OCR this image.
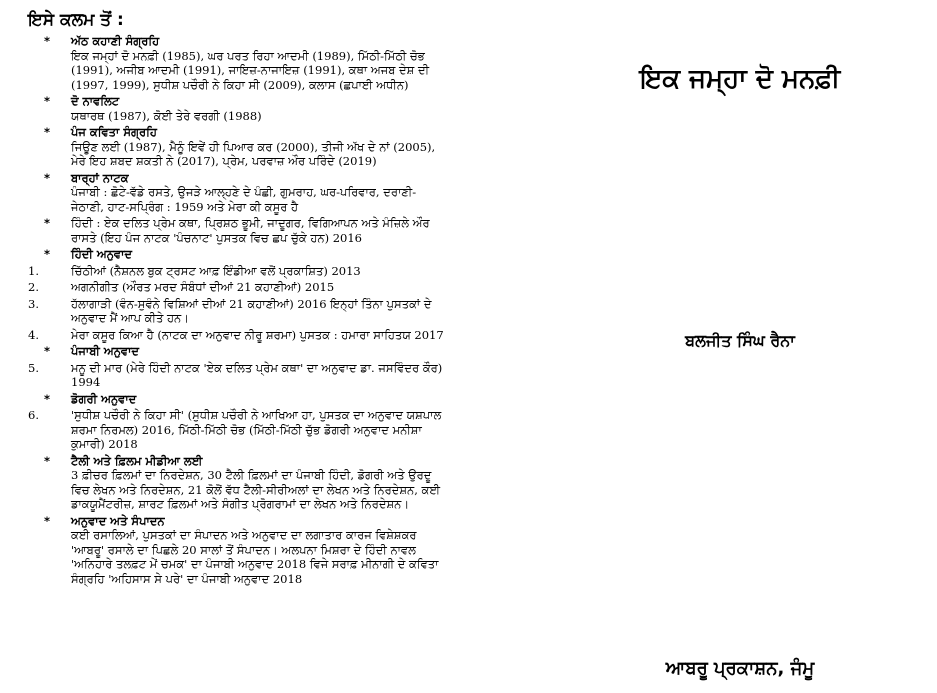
ਇਸੇ ਕਲਮ ਤੋਂ :
*	ਅੱਠ ਕਹਾਣੀ ਸੰਗ੍ਰਹਿ
ਇਕ ਜਮ੍ਹਾਂ ਦੋ ਮਨਫ਼ੀ (1985), ਘਰ ਪਰਤ ਰਿਹਾ ਆਦਮੀ (1989), ਮਿੱਠੀ-ਮਿੱਠੀ ਚੋਭ (1991), ਅਜੀਬ ਆਦਮੀ (1991), ਜਾਇਜ਼-ਨਾਜਾਇਜ਼ (1991), ਕਥਾ ਅਜਬ ਦੇਸ਼ ਦੀ (1997, 1999), ਸੁਧੀਸ਼ ਪਚੌਰੀ ਨੇ ਕਿਹਾ ਸੀ (2009), ਕਲਾਸ (ਛਪਾਈ ਅਧੀਨ)
*	ਦੋ ਨਾਵਲਿਟ
ਯਥਾਰਥ (1987), ਕੋਈ ਤੇਰੇ ਵਰਗੀ (1988)
*	ਪੰਜ ਕਵਿਤਾ ਸੰਗ੍ਰਹਿ
ਜਿਊਣ ਲਈ (1987), ਮੈਨੂੰ ਇਵੇਂ ਹੀ ਪਿਆਰ ਕਰ (2000), ਤੀਜੀ ਅੱਖ ਦੇ ਨਾਂ (2005), ਮੇਰੇ ਇਹ ਸ਼ਬਦ ਸ਼ਕਤੀ ਨੇ (2017), ਪ੍ਰੇਮ, ਪਰਵਾਜ਼ ਔਰ ਪਰਿੰਦੇ (2019)
*	ਬਾਰ੍ਹਾਂ ਨਾਟਕ
ਪੰਜਾਬੀ : ਛੋਟੇ-ਵੱਡੇ ਰਸਤੇ, ਉਜੜੇ ਆਲ੍ਹਣੇ ਦੇ ਪੰਛੀ, ਗੁਮਰਾਹ, ਘਰ-ਪਰਿਵਾਰ, ਦਰਾਣੀ-ਜੇਠਾਣੀ, ਹਾਟ-ਸਪ੍ਰਿੰਗ : 1959 ਅਤੇ ਮੇਰਾ ਕੀ ਕਸੂਰ ਹੈ
*	ਹਿੰਦੀ : ਏਕ ਦਲਿਤ ਪ੍ਰੇਮ ਕਥਾ, ਪ੍ਰਿਸ਼ਠ ਭੂਮੀ, ਜਾਦੂਗਰ, ਵਿਗਿਆਪਨ ਅਤੇ ਮੰਜ਼ਿਲੇ ਔਰ ਰਾਸਤੇ (ਇਹ ਪੰਜ ਨਾਟਕ 'ਪੰਚਨਾਟ' ਪੁਸਤਕ ਵਿਚ ਛਪ ਚੁੱਕੇ ਹਨ) 2016
*	ਹਿੰਦੀ ਅਨੁਵਾਦ
1.	ਚਿੱਠੀਆਂ (ਨੈਸ਼ਨਲ ਬੁਕ ਟ੍ਰਸਟ ਆਫ਼ ਇੰਡੀਆ ਵਲੋਂ ਪ੍ਰਕਾਸ਼ਿਤ) 2013
2.	ਅਗਨੀਗੀਤ (ਔਰਤ ਮਰਦ ਸੰਬੰਧਾਂ ਦੀਆਂ 21 ਕਹਾਣੀਆਂ) 2015
3.	ਹੱਲਾਗਾੜੀ (ਵੰਨ-ਸੁਵੰਨੇ ਵਿਸ਼ਿਆਂ ਦੀਆਂ 21 ਕਹਾਣੀਆਂ) 2016 ਇਨ੍ਹਾਂ ਤਿੰਨਾ ਪੁਸਤਕਾਂ ਦੇ ਅਨੁਵਾਦ ਮੈਂ ਆਪ ਕੀਤੇ ਹਨ।
4.	ਮੇਰਾ ਕਸੂਰ ਕਿਆ ਹੈ (ਨਾਟਕ ਦਾ ਅਨੁਵਾਦ ਨੀਰੂ ਸ਼ਰਮਾ) ਪੁਸਤਕ : ਹਮਾਰਾ ਸਾਹਿਤਯ 2017
*	ਪੰਜਾਬੀ ਅਨੁਵਾਦ
5.	ਮਨੂ ਦੀ ਮਾਰ (ਮੇਰੇ ਹਿੰਦੀ ਨਾਟਕ 'ਏਕ ਦਲਿਤ ਪ੍ਰੇਮ ਕਥਾ' ਦਾ ਅਨੁਵਾਦ ਡਾ. ਜਸਵਿੰਦਰ ਕੌਰ) 1994
*	ਡੋਗਰੀ ਅਨੁਵਾਦ
6.	'ਸੁਧੀਸ਼ ਪਚੌਰੀ ਨੇ ਕਿਹਾ ਸੀ' (ਸੁਧੀਸ਼ ਪਚੌਰੀ ਨੇ ਆਖਿਆ ਹਾ, ਪੁਸਤਕ ਦਾ ਅਨੁਵਾਦ ਯਸ਼ਪਾਲ ਸ਼ਰਮਾ ਨਿਰਮਲ) 2016, ਮਿੱਠੀ-ਮਿੱਠੀ ਚੋਭ (ਮਿੱਠੀ-ਮਿੱਠੀ ਚੁੱਭ ਡੋਗਰੀ ਅਨੁਵਾਦ ਮਨੀਸ਼ਾ ਕੁਮਾਰੀ) 2018
*	ਟੈਲੀ ਅਤੇ ਫ਼ਿਲਮ ਮੀਡੀਆ ਲਈ
3 ਫ਼ੀਚਰ ਫ਼ਿਲਮਾਂ ਦਾ ਨਿਰਦੇਸ਼ਨ, 30 ਟੈਲੀ ਫ਼ਿਲਮਾਂ ਦਾ ਪੰਜਾਬੀ ਹਿੰਦੀ, ਡੋਗਰੀ ਅਤੇ ਉਰਦੂ ਵਿਚ ਲੇਖਨ ਅਤੇ ਨਿਰਦੇਸ਼ਨ, 21 ਕੋਲੋਂ ਵੱਧ ਟੈਲੀ-ਸੀਰੀਅਲਾਂ ਦਾ ਲੇਖਨ ਅਤੇ ਨਿਰਦੇਸ਼ਨ, ਕਈ ਡਾਕਯੂਮੈਂਟਰੀਜ਼, ਸ਼ਾਰਟ ਫ਼ਿਲਮਾਂ ਅਤੇ ਸੰਗੀਤ ਪ੍ਰੋਗਰਾਮਾਂ ਦਾ ਲੇਖਨ ਅਤੇ ਨਿਰਦੇਸ਼ਨ।
*	ਅਨੁਵਾਦ ਅਤੇ ਸੰਪਾਦਨ
ਕਈ ਰਸਾਲਿਆਂ, ਪੁਸਤਕਾਂ ਦਾ ਸੰਪਾਦਨ ਅਤੇ ਅਨੁਵਾਦ ਦਾ ਲਗਾਤਾਰ ਕਾਰਜ ਵਿਸ਼ੇਸ਼ਕਰ 'ਆਬਰੂ' ਰਸਾਲੇ ਦਾ ਪਿਛਲੇ 20 ਸਾਲਾਂ ਤੋਂ ਸੰਪਾਦਨ। ਅਲਪਨਾ ਮਿਸ਼ਰਾ ਦੇ ਹਿੰਦੀ ਨਾਵਲ 'ਅਨਿਹਾਰੇ ਤਲਫ਼ਟ ਮੇਂ ਚਮਕ' ਦਾ ਪੰਜਾਬੀ ਅਨੁਵਾਦ 2018 ਵਿਜੇ ਸਰਾਫ਼ ਮੀਨਾਗੀ ਦੇ ਕਵਿਤਾ ਸੰਗ੍ਰਹਿ 'ਅਹਿਸਾਸ ਸੇ ਪਰੇ' ਦਾ ਪੰਜਾਬੀ ਅਨੁਵਾਦ 2018
ਇਕ ਜਮ੍ਹਾ ਦੋ ਮਨਫ਼ੀ
ਬਲਜੀਤ ਸਿੰਘ ਰੈਨਾ
ਆਬਰੂ ਪ੍ਰਕਾਸ਼ਨ, ਜੰਮੂ
